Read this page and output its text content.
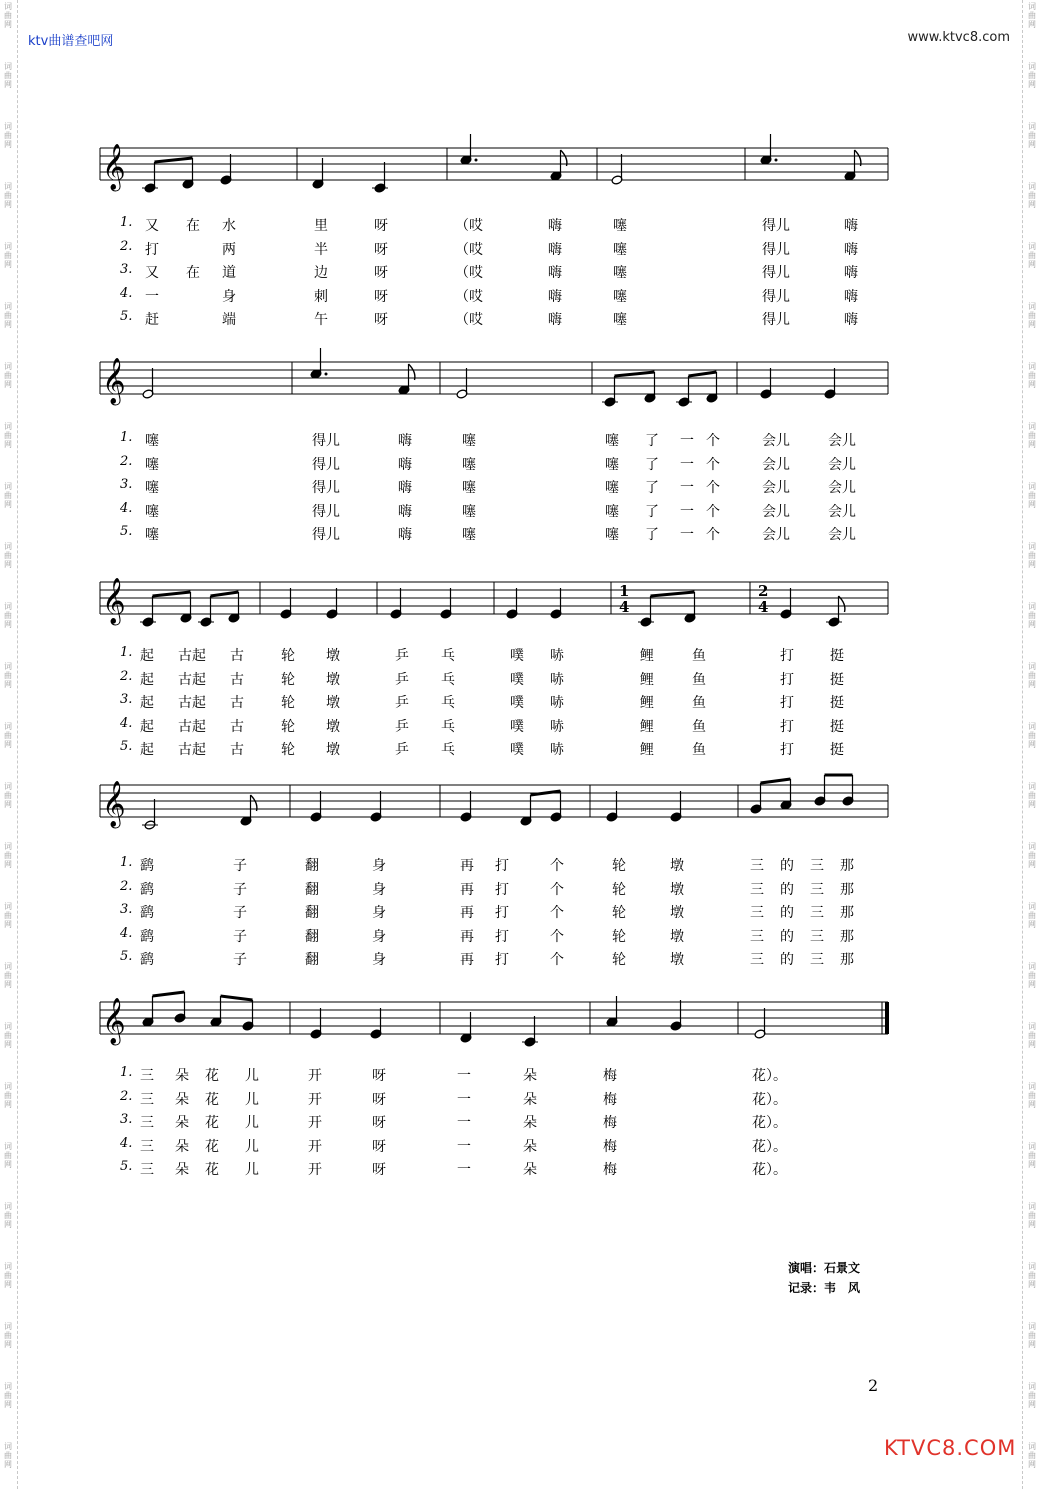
ktv曲谱查吧网	www.ktvc8.com
词
曲
网
词
曲
网
词
曲
网
词
曲
网
词
曲
网
词
曲
网
词
曲
网
词
曲
网
词
曲
网
词
曲
网
词
曲
网
词
曲
网
词
曲
网
词
曲
网
词
曲
网
词
曲
网
词
曲
网
词
曲
网
词
曲
网
词
曲
网
词
曲
网
词
曲
网
词
曲
网
词
曲
网
词
曲
网
词
曲
网
词
曲
网
词
曲
网
词
曲
网
词
曲
网
词
曲
网
词
曲
网
词
曲
网
词
曲
网
词
曲
网
词
曲
网
词
曲
网
词
曲
网
词
曲
网
词
曲
网
词
曲
网
词
曲
网
词
曲
网
词
曲
网
词
曲
网
词
曲
网
词
曲
网
词
曲
网
词
曲
网
词
曲
网
𝄞
1. 又 在 水	里	呀	（哎	嗨	噻	得儿	嗨
2. 打	两	半	呀	（哎	嗨	噻	得儿	嗨
3. 又 在 道	边	呀	（哎	嗨	噻	得儿	嗨
4. 一	身	刺	呀	（哎	嗨	噻	得儿	嗨
5. 赶	端	午	呀	（哎	嗨	噻	得儿	嗨
𝄞
1. 噻	得儿	嗨	噻	噻 了 一 个	会儿	会儿
2. 噻	得儿	嗨	噻	噻 了 一 个	会儿	会儿
3. 噻	得儿	嗨	噻	噻 了 一 个	会儿	会儿
4. 噻	得儿	嗨	噻	噻 了 一 个	会儿	会儿
5. 噻	得儿	嗨	噻	噻 了 一 个	会儿	会儿
𝄞	1
4
2
4
1. 起 古起 古	轮 墩	乒 乓	噗 哧	鲤	鱼	打	挺
2. 起 古起 古	轮 墩	乒 乓	噗 哧	鲤	鱼	打	挺
3. 起 古起 古	轮 墩	乒 乓	噗 哧	鲤	鱼	打	挺
4. 起 古起 古	轮 墩	乒 乓	噗 哧	鲤	鱼	打	挺
5. 起 古起 古	轮 墩	乒 乓	噗 哧	鲤	鱼	打	挺
𝄞
1. 鹞	子	翻	身	再 打	个	轮	墩	三 的 三 那
2. 鹞	子	翻	身	再 打	个	轮	墩	三 的 三 那
3. 鹞	子	翻	身	再 打	个	轮	墩	三 的 三 那
4. 鹞	子	翻	身	再 打	个	轮	墩	三 的 三 那
5. 鹞	子	翻	身	再 打	个	轮	墩	三 的 三 那
𝄞
1. 三 朵 花 儿	开	呀	一	朵	梅	花）。
2. 三 朵 花 儿	开	呀	一	朵	梅	花）。
3. 三 朵 花 儿	开	呀	一	朵	梅	花）。
4. 三 朵 花 儿	开	呀	一	朵	梅	花）。
5. 三 朵 花 儿	开	呀	一	朵	梅	花）。
演唱：石景文
记录：韦　风
2
KTVC8.COM
